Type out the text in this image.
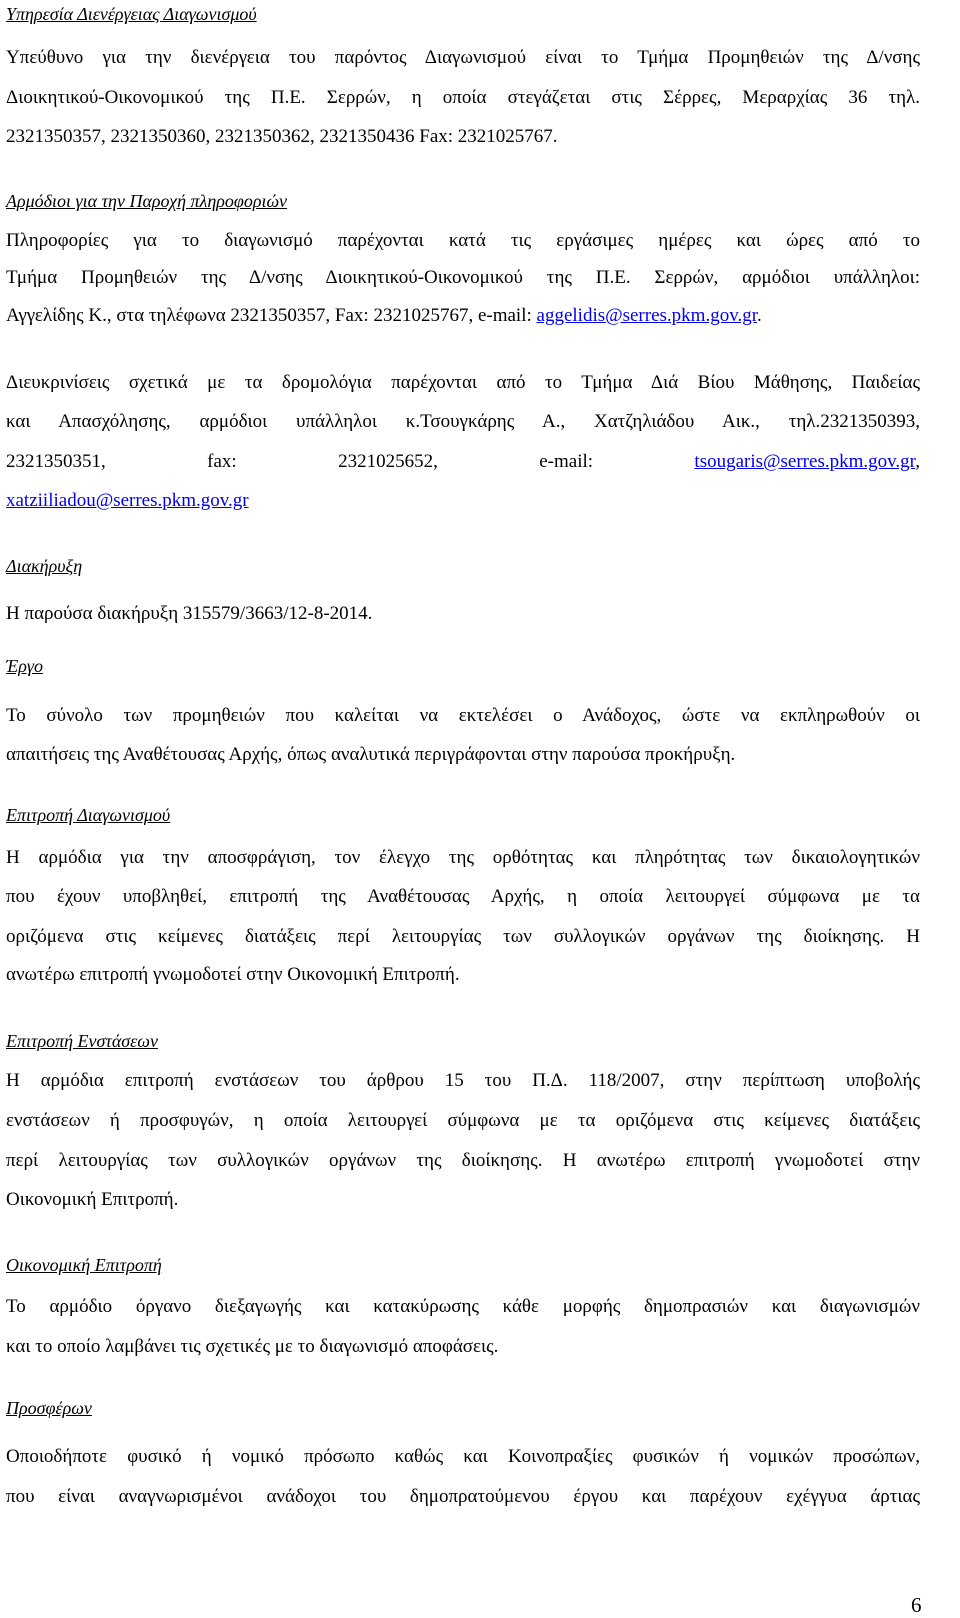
Υπηρεσία Διενέργειας Διαγωνισμού
Υπεύθυνο για την διενέργεια του παρόντος Διαγωνισμού είναι το Τμήμα Προμηθειών της Δ/νσης
Διοικητικού-Οικονομικού της Π.Ε. Σερρών, η οποία στεγάζεται στις Σέρρες, Μεραρχίας 36 τηλ.
2321350357, 2321350360, 2321350362, 2321350436 Fax: 2321025767.
Αρμόδιοι για την Παροχή πληροφοριών
Πληροφορίες για το διαγωνισμό παρέχονται κατά τις εργάσιμες ημέρες και ώρες από το
Τμήμα Προμηθειών της Δ/νσης Διοικητικού-Οικονομικού της Π.Ε. Σερρών, αρμόδιοι υπάλληλοι:
Αγγελίδης Κ., στα τηλέφωνα 2321350357, Fax: 2321025767, e-mail: aggelidis@serres.pkm.gov.gr.
Διευκρινίσεις σχετικά με τα δρομολόγια παρέχονται από το Τμήμα Διά Βίου Μάθησης, Παιδείας
και Απασχόλησης, αρμόδιοι υπάλληλοι κ.Τσουγκάρης Α., Χατζηλιάδου Αικ., τηλ.2321350393,
2321350351,	fax:	2321025652,	e-mail:	tsougaris@serres.pkm.gov.gr,
xatziiliadou@serres.pkm.gov.gr
Διακήρυξη
Η παρούσα διακήρυξη 315579/3663/12-8-2014.
Έργο
Το σύνολο των προμηθειών που καλείται να εκτελέσει ο Ανάδοχος, ώστε να εκπληρωθούν οι
απαιτήσεις της Αναθέτουσας Αρχής, όπως αναλυτικά περιγράφονται στην παρούσα προκήρυξη.
Επιτροπή Διαγωνισμού
Η αρμόδια για την αποσφράγιση, τον έλεγχο της ορθότητας και πληρότητας των δικαιολογητικών
που έχουν υποβληθεί, επιτροπή της Αναθέτουσας Αρχής, η οποία λειτουργεί σύμφωνα με τα
οριζόμενα στις κείμενες διατάξεις περί λειτουργίας των συλλογικών οργάνων της διοίκησης. Η
ανωτέρω επιτροπή γνωμοδοτεί στην Οικονομική Επιτροπή.
Επιτροπή Ενστάσεων
Η αρμόδια επιτροπή ενστάσεων του άρθρου 15 του Π.Δ. 118/2007, στην περίπτωση υποβολής
ενστάσεων ή προσφυγών, η οποία λειτουργεί σύμφωνα με τα οριζόμενα στις κείμενες διατάξεις
περί λειτουργίας των συλλογικών οργάνων της διοίκησης. Η ανωτέρω επιτροπή γνωμοδοτεί στην
Οικονομική Επιτροπή.
Οικονομική Επιτροπή
Το αρμόδιο όργανο διεξαγωγής και κατακύρωσης κάθε μορφής δημοπρασιών και διαγωνισμών
και το οποίο λαμβάνει τις σχετικές με το διαγωνισμό αποφάσεις.
Προσφέρων
Οποιοδήποτε φυσικό ή νομικό πρόσωπο καθώς και Κοινοπραξίες φυσικών ή νομικών προσώπων,
που είναι αναγνωρισμένοι ανάδοχοι του δημοπρατούμενου έργου και παρέχουν εχέγγυα άρτιας
6
